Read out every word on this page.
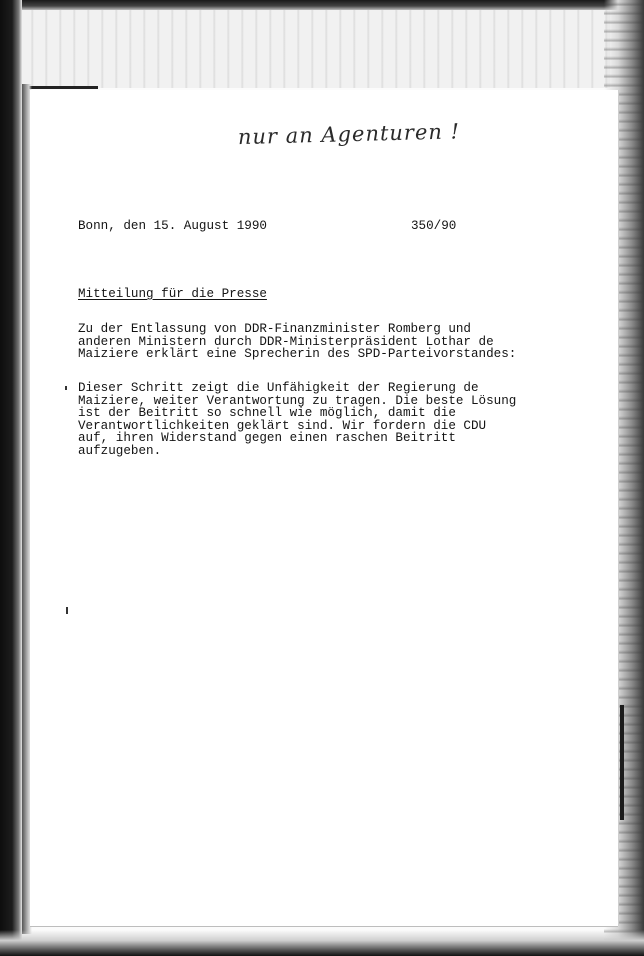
nur an Agenturen !
Bonn, den 15. August 1990	350/90
Mitteilung für die Presse
Zu der Entlassung von DDR-Finanzminister Romberg und
anderen Ministern durch DDR-Ministerpräsident Lothar de
Maiziere erklärt eine Sprecherin des SPD-Parteivorstandes:
Dieser Schritt zeigt die Unfähigkeit der Regierung de
Maiziere, weiter Verantwortung zu tragen. Die beste Lösung
ist der Beitritt so schnell wie möglich, damit die
Verantwortlichkeiten geklärt sind. Wir fordern die CDU
auf, ihren Widerstand gegen einen raschen Beitritt
aufzugeben.
